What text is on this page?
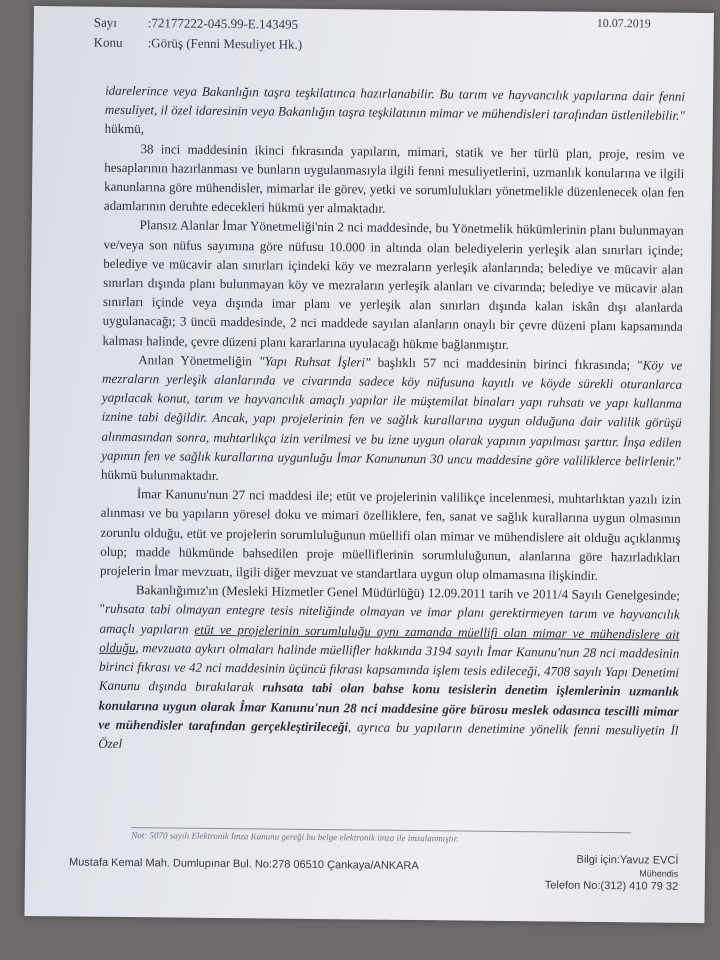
Sayı :72177222-045.99-E.143495
Konu :Görüş (Fenni Mesuliyet Hk.)
10.07.2019

idarelerince veya Bakanlığın taşra teşkilatınca hazırlanabilir. Bu tarım ve hayvancılık yapılarına dair fenni mesuliyet, il özel idaresinin veya Bakanlığın taşra teşkilatının mimar ve mühendisleri tarafından üstlenilebilir." hükmü,

38 inci maddesinin ikinci fıkrasında yapıların, mimari, statik ve her türlü plan, proje, resim ve hesaplarının hazırlanması ve bunların uygulanmasıyla ilgili fenni mesuliyetlerini, uzmanlık konularına ve ilgili kanunlarına göre mühendisler, mimarlar ile görev, yetki ve sorumlulukları yönetmelikle düzenlenecek olan fen adamlarının deruhte edecekleri hükmü yer almaktadır.

Plansız Alanlar İmar Yönetmeliği'nin 2 nci maddesinde, bu Yönetmelik hükümlerinin planı bulunmayan ve/veya son nüfus sayımına göre nüfusu 10.000 in altında olan belediyelerin yerleşik alan sınırları içinde; belediye ve mücavir alan sınırları içindeki köy ve mezraların yerleşik alanlarında; belediye ve mücavir alan sınırları dışında planı bulunmayan köy ve mezraların yerleşik alanları ve civarında; belediye ve mücavir alan sınırları içinde veya dışında imar planı ve yerleşik alan sınırları dışında kalan iskân dışı alanlarda uygulanacağı; 3 üncü maddesinde, 2 nci maddede sayılan alanların onaylı bir çevre düzeni planı kapsamında kalması halinde, çevre düzeni planı kararlarına uyulacağı hükme bağlanmıştır.

Anılan Yönetmeliğin "Yapı Ruhsat İşleri" başlıklı 57 nci maddesinin birinci fıkrasında; "Köy ve mezraların yerleşik alanlarında ve civarında sadece köy nüfusuna kayıtlı ve köyde sürekli oturanlarca yapılacak konut, tarım ve hayvancılık amaçlı yapılar ile müştemilat binaları yapı ruhsatı ve yapı kullanma iznine tabi değildir. Ancak, yapı projelerinin fen ve sağlık kurallarına uygun olduğuna dair valilik görüşü alınmasından sonra, muhtarlıkça izin verilmesi ve bu izne uygun olarak yapının yapılması şarttır. İnşa edilen yapının fen ve sağlık kurallarına uygunluğu İmar Kanununun 30 uncu maddesine göre valiliklerce belirlenir." hükmü bulunmaktadır.

İmar Kanunu'nun 27 nci maddesi ile; etüt ve projelerinin valilikçe incelenmesi, muhtarlıktan yazılı izin alınması ve bu yapıların yöresel doku ve mimari özelliklere, fen, sanat ve sağlık kurallarına uygun olmasının zorunlu olduğu, etüt ve projelerin sorumluluğunun müellifi olan mimar ve mühendislere ait olduğu açıklanmış olup; madde hükmünde bahsedilen proje müelliflerinin sorumluluğunun, alanlarına göre hazırladıkları projelerin İmar mevzuatı, ilgili diğer mevzuat ve standartlara uygun olup olmamasına ilişkindir.

Bakanlığımız'ın (Mesleki Hizmetler Genel Müdürlüğü) 12.09.2011 tarih ve 2011/4 Sayılı Genelgesinde; "ruhsata tabi olmayan entegre tesis niteliğinde olmayan ve imar planı gerektirmeyen tarım ve hayvancılık amaçlı yapıların etüt ve projelerinin sorumluluğu aynı zamanda müellifi olan mimar ve mühendislere ait olduğu, mevzuata aykırı olmaları halinde müellifler hakkında 3194 sayılı İmar Kanunu'nun 28 nci maddesinin birinci fıkrası ve 42 nci maddesinin üçüncü fıkrası kapsamında işlem tesis edileceği, 4708 sayılı Yapı Denetimi Kanunu dışında bırakılarak ruhsata tabi olan bahse konu tesislerin denetim işlemlerinin uzmanlık konularına uygun olarak İmar Kanunu'nun 28 nci maddesine göre bürosu meslek odasınca tescilli mimar ve mühendisler tarafından gerçekleştirileceği, ayrıca bu yapıların denetimine yönelik fenni mesuliyetin İl Özel

Not: 5070 sayılı Elektronik İmza Kanunu gereği bu belge elektronik imza ile imzalanmıştır.
Mustafa Kemal Mah. Dumlupınar Bul. No:278 06510 Çankaya/ANKARA	Bilgi için:Yavuz EVCİ
Mühendis
Telefon No:(312) 410 79 32
